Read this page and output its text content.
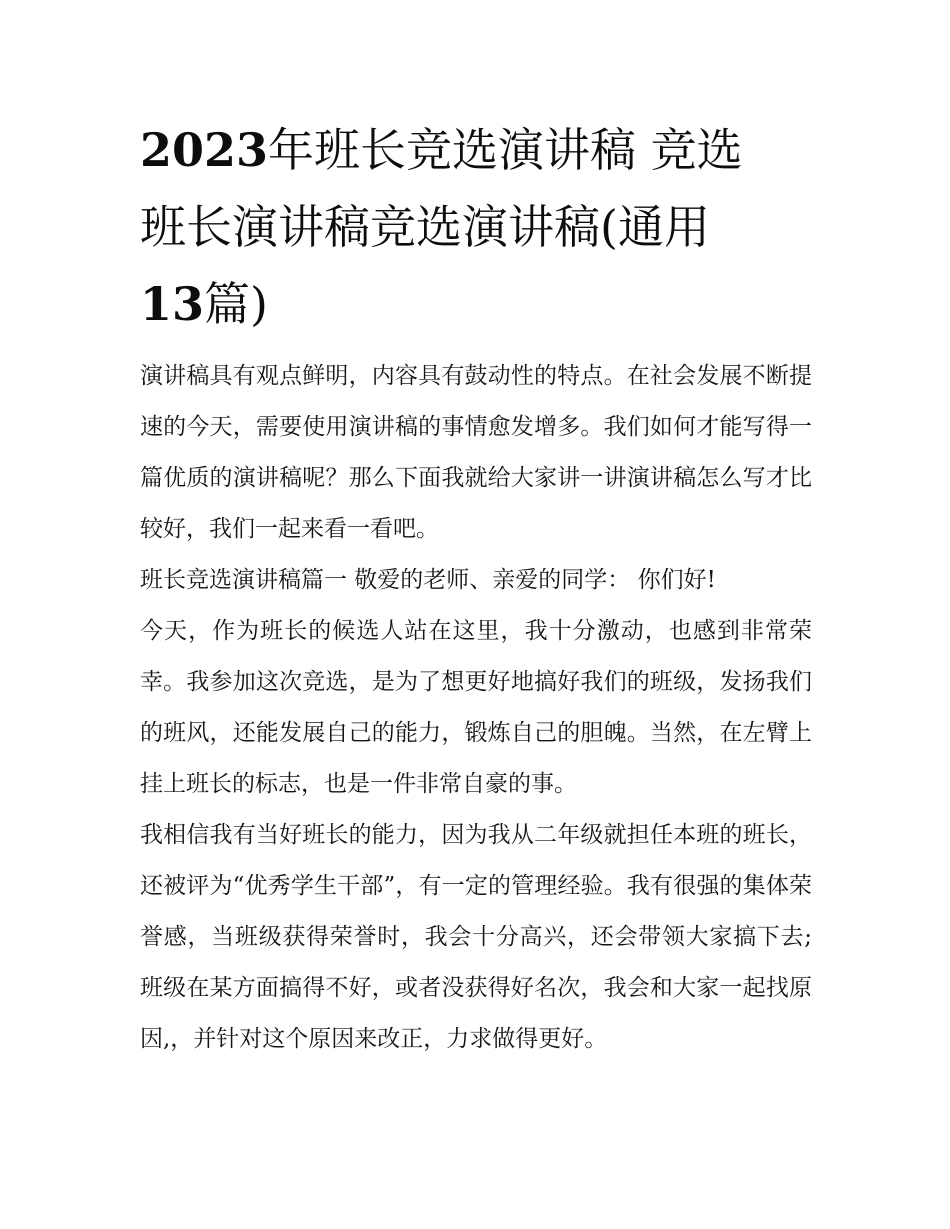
2023年班长竞选演讲稿 竞选
班长演讲稿竞选演讲稿(通用
13篇)

演讲稿具有观点鲜明，内容具有鼓动性的特点。在社会发展不断提速的今天，需要使用演讲稿的事情愈发增多。我们如何才能写得一篇优质的演讲稿呢？那么下面我就给大家讲一讲演讲稿怎么写才比较好，我们一起来看一看吧。

班长竞选演讲稿篇一 敬爱的老师、亲爱的同学： 你们好!

今天，作为班长的候选人站在这里，我十分激动，也感到非常荣幸。我参加这次竞选，是为了想更好地搞好我们的班级，发扬我们的班风，还能发展自己的能力，锻炼自己的胆魄。当然，在左臂上挂上班长的标志，也是一件非常自豪的事。

我相信我有当好班长的能力，因为我从二年级就担任本班的班长，还被评为“优秀学生干部”，有一定的管理经验。我有很强的集体荣誉感，当班级获得荣誉时，我会十分高兴，还会带领大家搞下去;班级在某方面搞得不好，或者没获得好名次，我会和大家一起找原因,，并针对这个原因来改正，力求做得更好。
